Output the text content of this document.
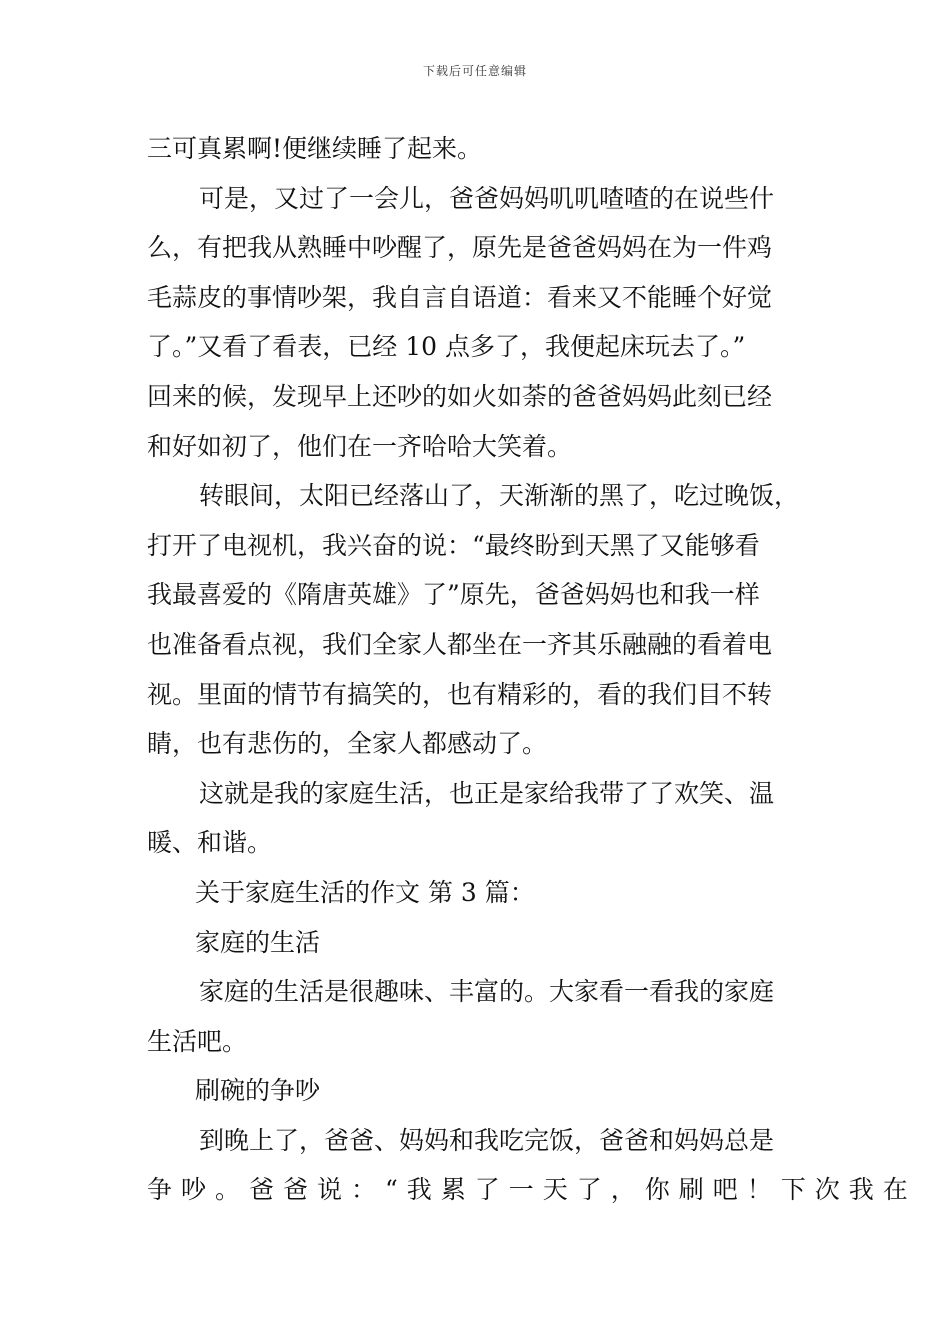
下载后可任意编辑
三可真累啊!便继续睡了起来。
可是，又过了一会儿，爸爸妈妈叽叽喳喳的在说些什
么，有把我从熟睡中吵醒了，原先是爸爸妈妈在为一件鸡
毛蒜皮的事情吵架，我自言自语道：看来又不能睡个好觉
了。”又看了看表，已经 10 点多了，我便起床玩去了。”
回来的候，发现早上还吵的如火如荼的爸爸妈妈此刻已经
和好如初了，他们在一齐哈哈大笑着。
转眼间，太阳已经落山了，天渐渐的黑了，吃过晚饭，
打开了电视机，我兴奋的说：“最终盼到天黑了又能够看
我最喜爱的《隋唐英雄》了”原先，爸爸妈妈也和我一样
也准备看点视，我们全家人都坐在一齐其乐融融的看着电
视。里面的情节有搞笑的，也有精彩的，看的我们目不转
睛，也有悲伤的，全家人都感动了。
这就是我的家庭生活，也正是家给我带了了欢笑、温
暖、和谐。
关于家庭生活的作文 第 3 篇：
家庭的生活
家庭的生活是很趣味、丰富的。大家看一看我的家庭
生活吧。
刷碗的争吵
到晚上了，爸爸、妈妈和我吃完饭，爸爸和妈妈总是
争吵。爸爸说：“我累了一天了，你刷吧！下次我在
